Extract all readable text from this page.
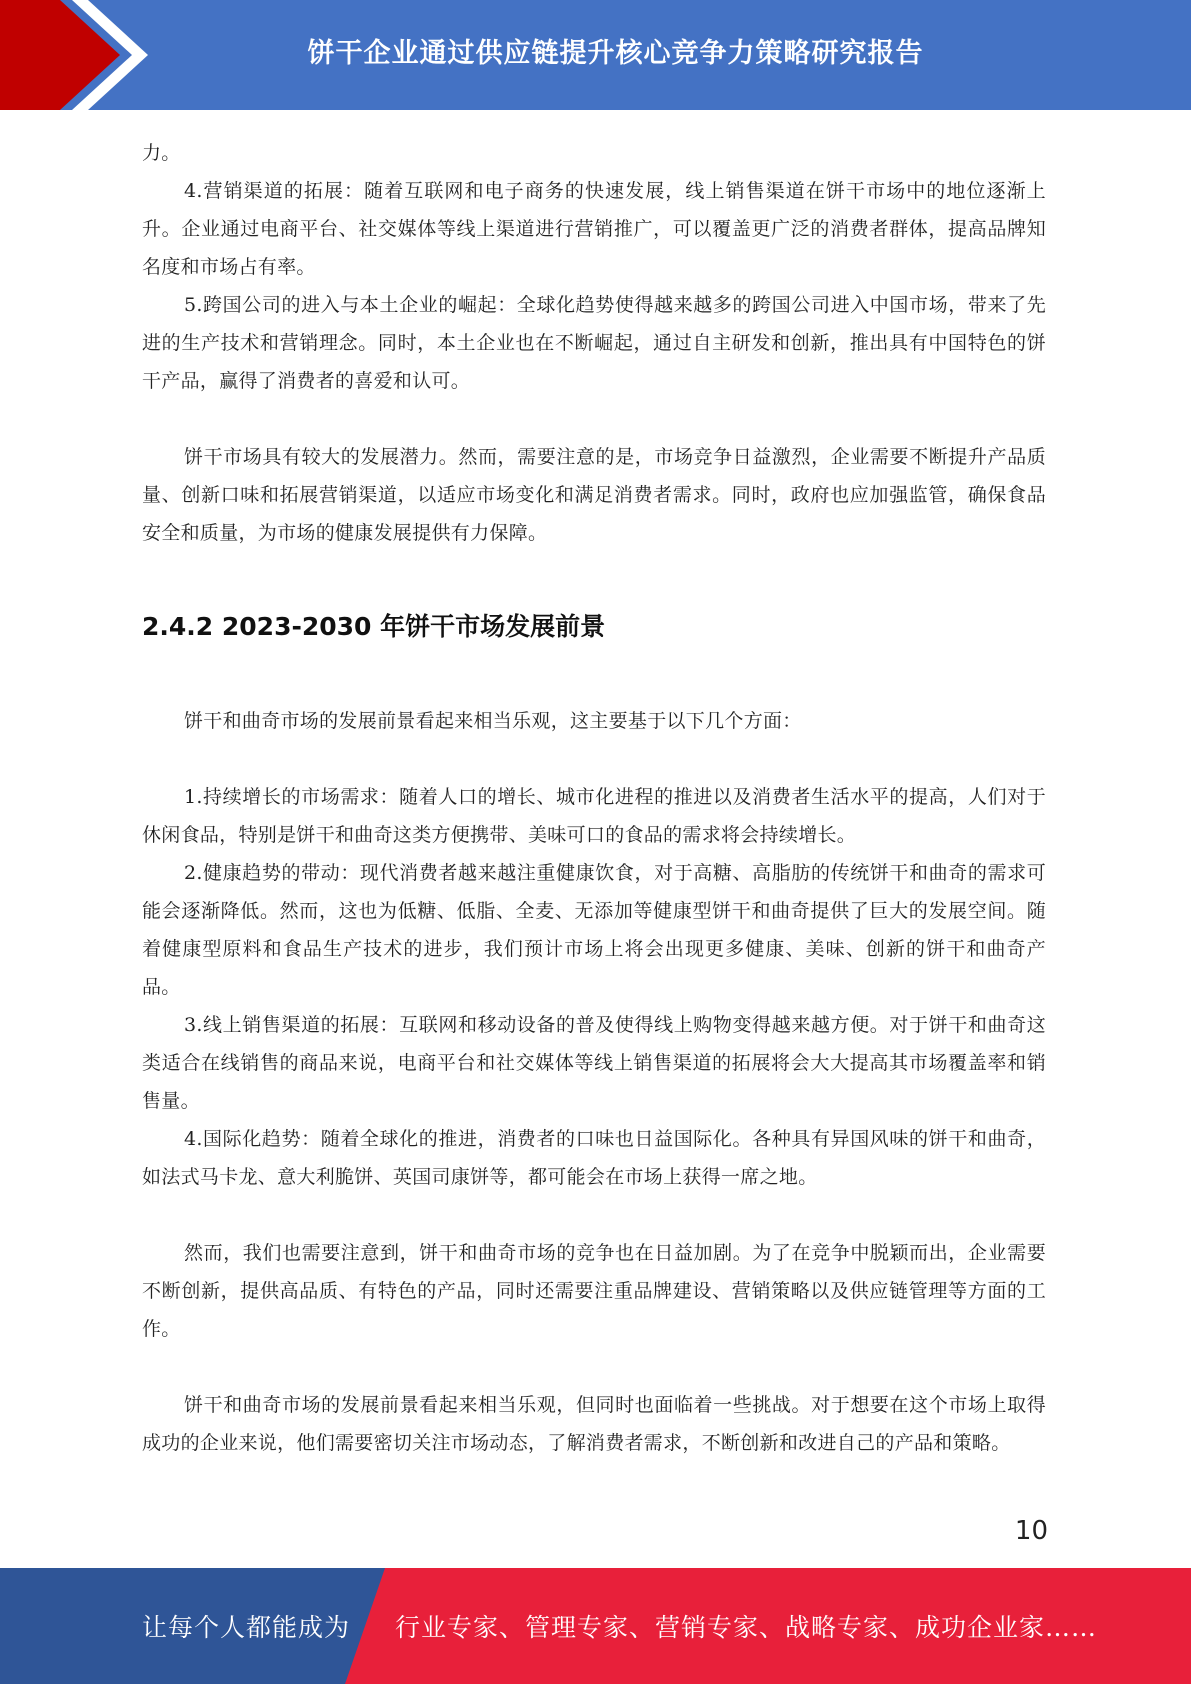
饼干企业通过供应链提升核心竞争力策略研究报告

力。

4.营销渠道的拓展：随着互联网和电子商务的快速发展，线上销售渠道在饼干市场中的地位逐渐上升。企业通过电商平台、社交媒体等线上渠道进行营销推广，可以覆盖更广泛的消费者群体，提高品牌知名度和市场占有率。

5.跨国公司的进入与本土企业的崛起：全球化趋势使得越来越多的跨国公司进入中国市场，带来了先进的生产技术和营销理念。同时，本土企业也在不断崛起，通过自主研发和创新，推出具有中国特色的饼干产品，赢得了消费者的喜爱和认可。

饼干市场具有较大的发展潜力。然而，需要注意的是，市场竞争日益激烈，企业需要不断提升产品质量、创新口味和拓展营销渠道，以适应市场变化和满足消费者需求。同时，政府也应加强监管，确保食品安全和质量，为市场的健康发展提供有力保障。

2.4.2 2023-2030 年饼干市场发展前景

饼干和曲奇市场的发展前景看起来相当乐观，这主要基于以下几个方面：

1.持续增长的市场需求：随着人口的增长、城市化进程的推进以及消费者生活水平的提高，人们对于休闲食品，特别是饼干和曲奇这类方便携带、美味可口的食品的需求将会持续增长。

2.健康趋势的带动：现代消费者越来越注重健康饮食，对于高糖、高脂肪的传统饼干和曲奇的需求可能会逐渐降低。然而，这也为低糖、低脂、全麦、无添加等健康型饼干和曲奇提供了巨大的发展空间。随着健康型原料和食品生产技术的进步，我们预计市场上将会出现更多健康、美味、创新的饼干和曲奇产品。

3.线上销售渠道的拓展：互联网和移动设备的普及使得线上购物变得越来越方便。对于饼干和曲奇这类适合在线销售的商品来说，电商平台和社交媒体等线上销售渠道的拓展将会大大提高其市场覆盖率和销售量。

4.国际化趋势：随着全球化的推进，消费者的口味也日益国际化。各种具有异国风味的饼干和曲奇，如法式马卡龙、意大利脆饼、英国司康饼等，都可能会在市场上获得一席之地。

然而，我们也需要注意到，饼干和曲奇市场的竞争也在日益加剧。为了在竞争中脱颖而出，企业需要不断创新，提供高品质、有特色的产品，同时还需要注重品牌建设、营销策略以及供应链管理等方面的工作。

饼干和曲奇市场的发展前景看起来相当乐观，但同时也面临着一些挑战。对于想要在这个市场上取得成功的企业来说，他们需要密切关注市场动态，了解消费者需求，不断创新和改进自己的产品和策略。

10
让每个人都能成为 行业专家、管理专家、营销专家、战略专家、成功企业家……
